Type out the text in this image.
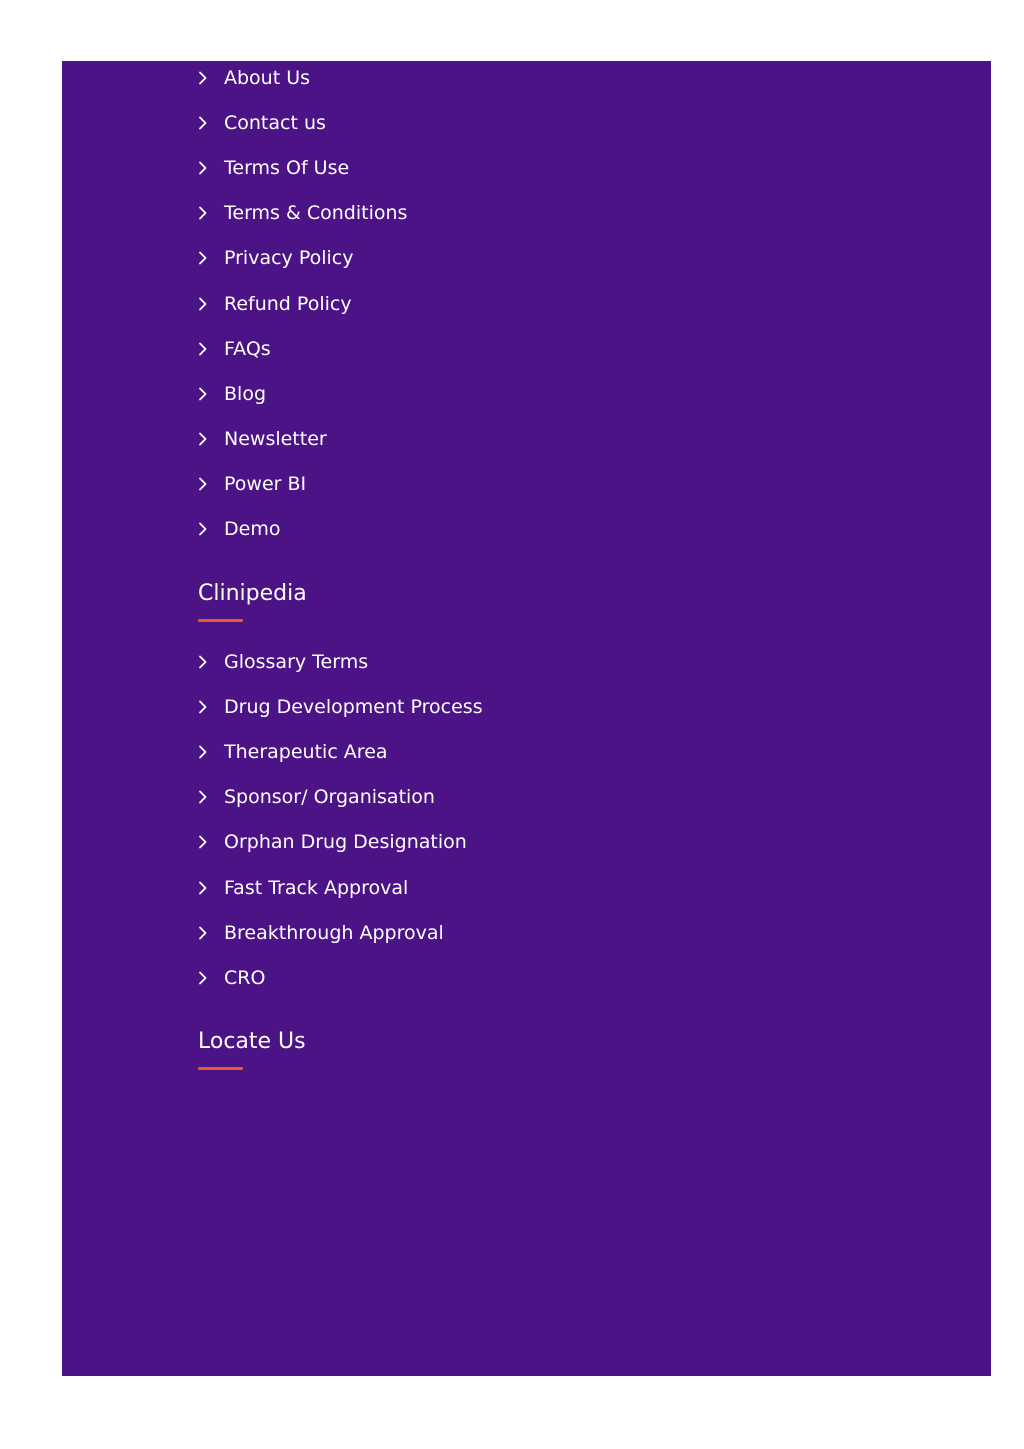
About Us
Contact us
Terms Of Use
Terms & Conditions
Privacy Policy
Refund Policy
FAQs
Blog
Newsletter
Power BI
Demo
Clinipedia
Glossary Terms
Drug Development Process
Therapeutic Area
Sponsor/ Organisation
Orphan Drug Designation
Fast Track Approval
Breakthrough Approval
CRO
Locate Us
